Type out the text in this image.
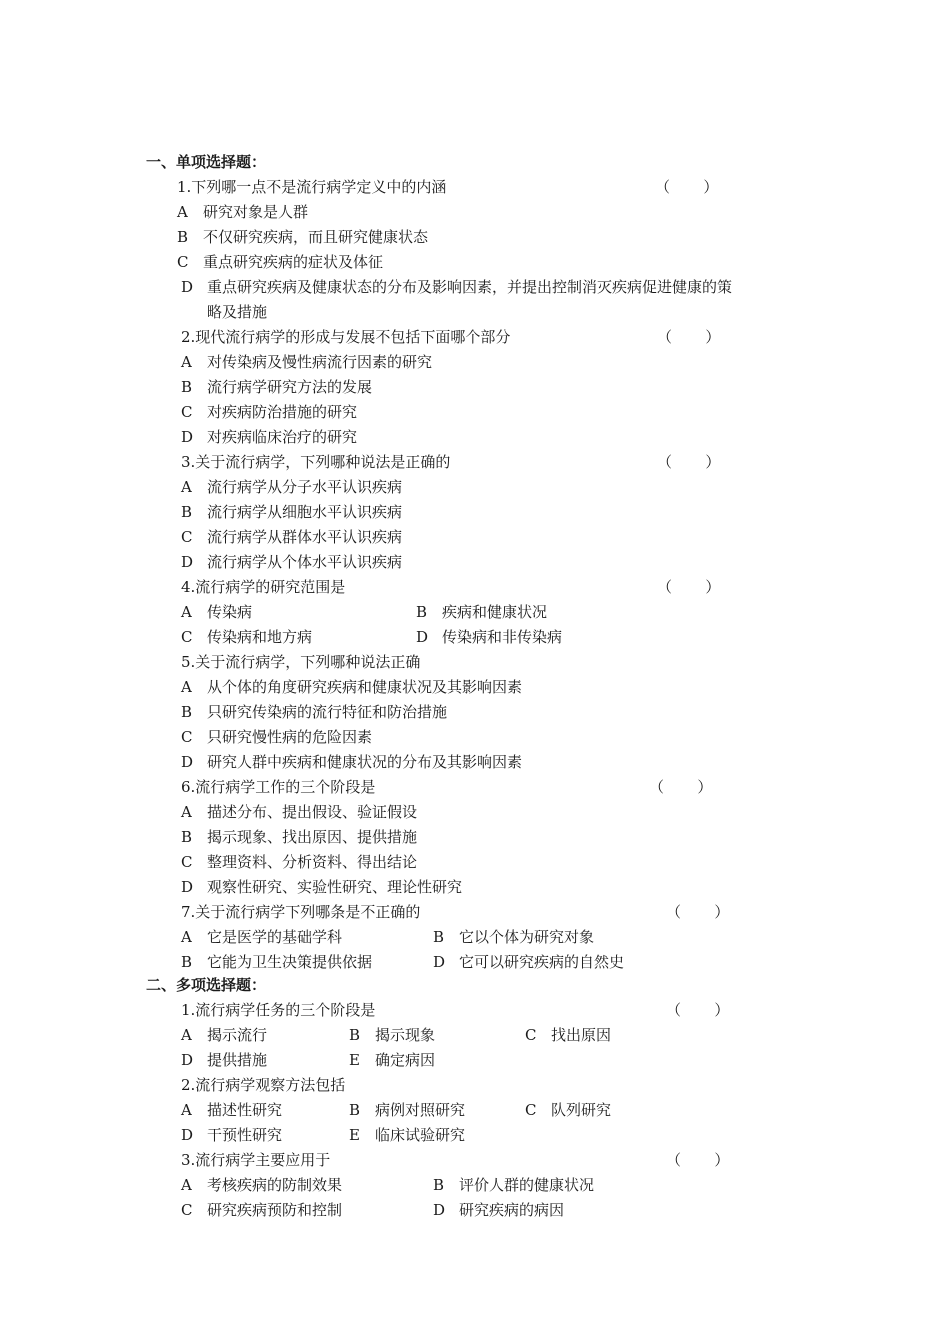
一、单项选择题：
1.下列哪一点不是流行病学定义中的内涵	（       ）
A 研究对象是人群
B 不仅研究疾病，而且研究健康状态
C 重点研究疾病的症状及体征
D 重点研究疾病及健康状态的分布及影响因素，并提出控制消灭疾病促进健康的策
略及措施
2.现代流行病学的形成与发展不包括下面哪个部分	（       ）
A 对传染病及慢性病流行因素的研究
B 流行病学研究方法的发展
C 对疾病防治措施的研究
D 对疾病临床治疗的研究
3.关于流行病学，下列哪种说法是正确的	（       ）
A 流行病学从分子水平认识疾病
B 流行病学从细胞水平认识疾病
C 流行病学从群体水平认识疾病
D 流行病学从个体水平认识疾病
4.流行病学的研究范围是	（       ）
A 传染病	B 疾病和健康状况
C 传染病和地方病	D 传染病和非传染病
5.关于流行病学，下列哪种说法正确
A 从个体的角度研究疾病和健康状况及其影响因素
B 只研究传染病的流行特征和防治措施
C 只研究慢性病的危险因素
D 研究人群中疾病和健康状况的分布及其影响因素
6.流行病学工作的三个阶段是	（       ）
A 描述分布、提出假设、验证假设
B 揭示现象、找出原因、提供措施
C 整理资料、分析资料、得出结论
D 观察性研究、实验性研究、理论性研究
7.关于流行病学下列哪条是不正确的	（       ）
A 它是医学的基础学科	B 它以个体为研究对象
B 它能为卫生决策提供依据	D 它可以研究疾病的自然史
二、多项选择题：
1.流行病学任务的三个阶段是	（       ）
A 揭示流行	B 揭示现象	C 找出原因
D 提供措施	E 确定病因
2.流行病学观察方法包括
A 描述性研究	B 病例对照研究	C 队列研究
D 干预性研究	E 临床试验研究
3.流行病学主要应用于	（       ）
A 考核疾病的防制效果	B 评价人群的健康状况
C 研究疾病预防和控制	D 研究疾病的病因
